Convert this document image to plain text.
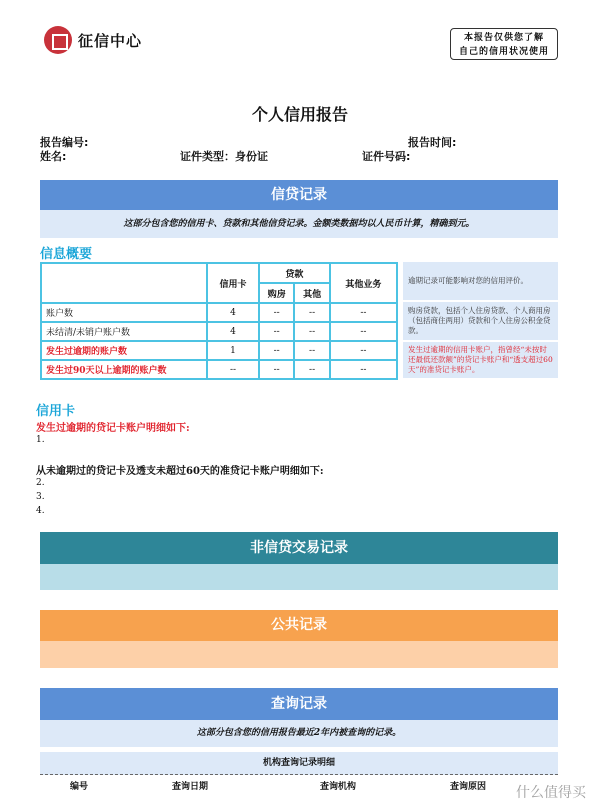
征信中心	本报告仅供您了解
自己的信用状况使用
个人信用报告
报告编号:	报告时间:
姓名:	证件类型：身份证	证件号码:
信贷记录
这部分包含您的信用卡、贷款和其他信贷记录。金额类数据均以人民币计算，精确到元。
信息概要
	信用卡	贷款		其他业务
		购房	其他	
账户数	4	--	--	--
未结清/未销户账户数	4	--	--	--
发生过逾期的账户数	1	--	--	--
发生过90天以上逾期的账户数	--	--	--	--
逾期记录可能影响对您的信用评价。
购房贷款，包括个人住房贷款、个人商用房（包括商住两用）贷款和个人住房公积金贷款。
发生过逾期的信用卡账户，指曾经“未按时还最低还款额”的贷记卡账户和“透支超过60天”的准贷记卡账户。
信用卡
发生过逾期的贷记卡账户明细如下:
1.
从未逾期过的贷记卡及透支未超过60天的准贷记卡账户明细如下:
2.
3.
4.
非信贷交易记录
公共记录
查询记录
这部分包含您的信用报告最近2年内被查询的记录。
机构查询记录明细
编号	查询日期	查询机构	查询原因 什么值得买
